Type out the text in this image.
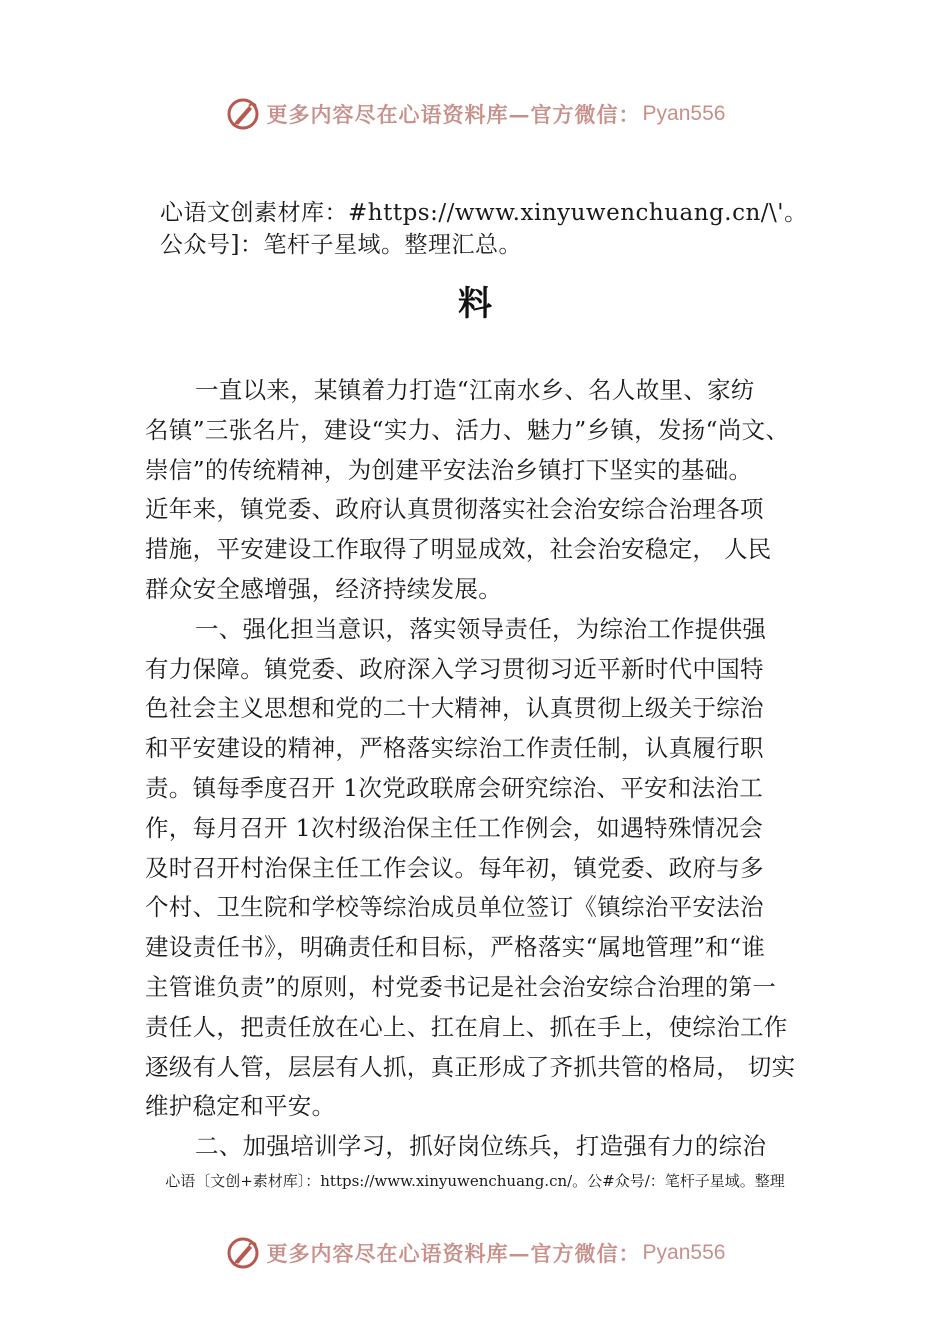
更多内容尽在心语资料库—官方微信： Pyan556
心语文创素材库：#https://www.xinyuwenchuang.cn/\'。
公众号]：笔杆子星域。整理汇总。
料
一直以来，某镇着力打造“江南水乡、名人故里、家纺
名镇”三张名片，建设“实力、活力、魅力”乡镇，发扬“尚文、
崇信”的传统精神，为创建平安法治乡镇打下坚实的基础。
近年来，镇党委、政府认真贯彻落实社会治安综合治理各项
措施，平安建设工作取得了明显成效，社会治安稳定， 人民
群众安全感增强，经济持续发展。
一、强化担当意识，落实领导责任，为综治工作提供强
有力保障。镇党委、政府深入学习贯彻习近平新时代中国特
色社会主义思想和党的二十大精神，认真贯彻上级关于综治
和平安建设的精神，严格落实综治工作责任制，认真履行职
责。镇每季度召开 1次党政联席会研究综治、平安和法治工
作，每月召开 1次村级治保主任工作例会，如遇特殊情况会
及时召开村治保主任工作会议。每年初，镇党委、政府与多
个村、卫生院和学校等综治成员单位签订《镇综治平安法治
建设责任书》，明确责任和目标，严格落实“属地管理”和“谁
主管谁负责”的原则，村党委书记是社会治安综合治理的第一
责任人，把责任放在心上、扛在肩上、抓在手上，使综治工作
逐级有人管，层层有人抓，真正形成了齐抓共管的格局， 切实
维护稳定和平安。
二、加强培训学习，抓好岗位练兵，打造强有力的综治
心语〔文创+素材库〕：https://www.xinyuwenchuang.cn/。公#众号/：笔杆子星域。整理
更多内容尽在心语资料库—官方微信： Pyan556
